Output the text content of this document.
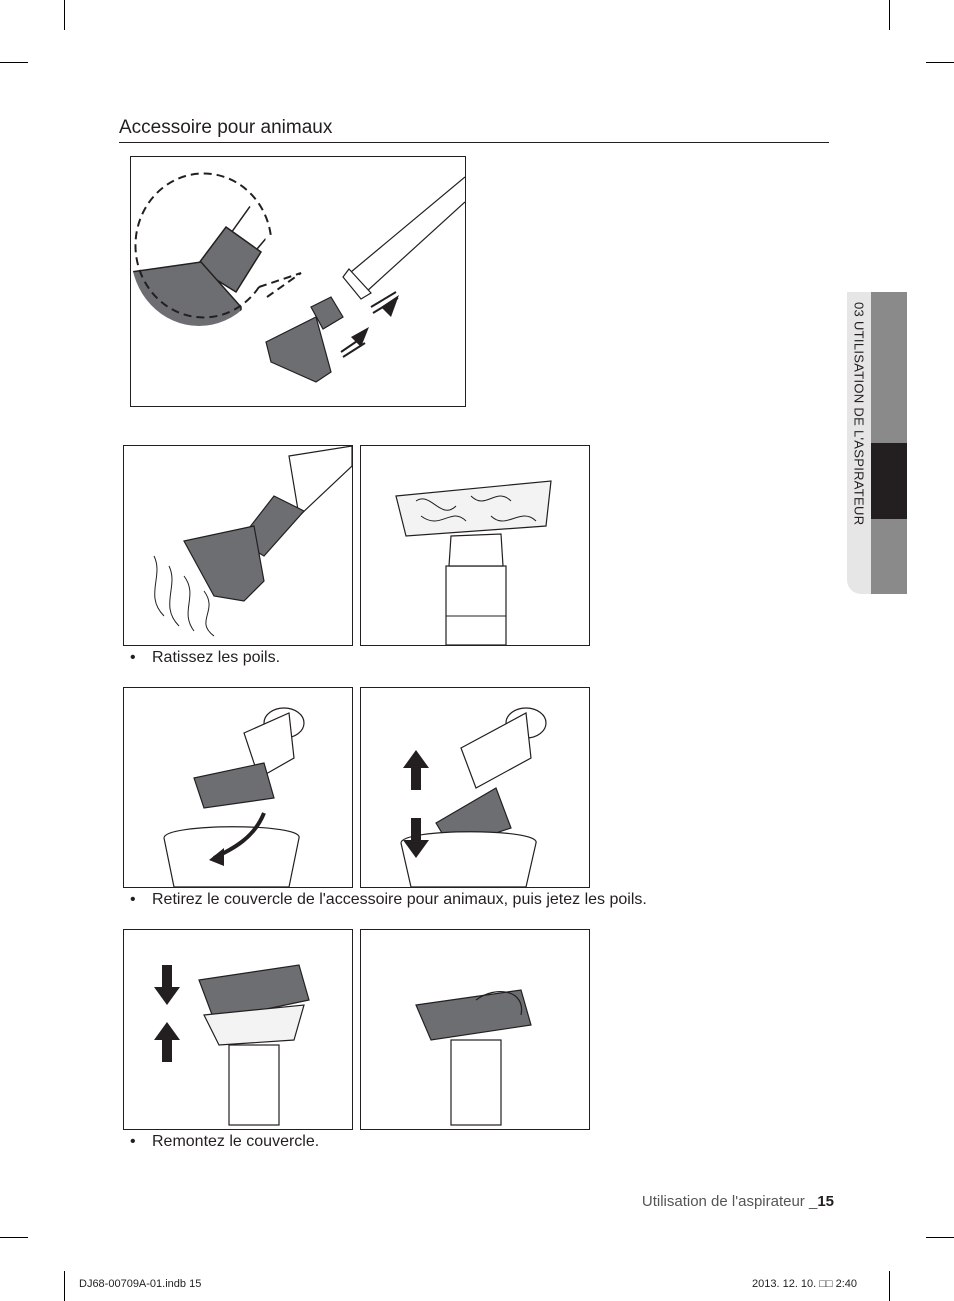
Accessoire pour animaux
• Ratissez les poils.
• Retirez le couvercle de l'accessoire pour animaux, puis jetez les poils.
• Remontez le couvercle.
03 UTILISATION DE L'ASPIRATEUR
Utilisation de l'aspirateur _15
DJ68-00709A-01.indb 15	2013. 12. 10. □□ 2:40
